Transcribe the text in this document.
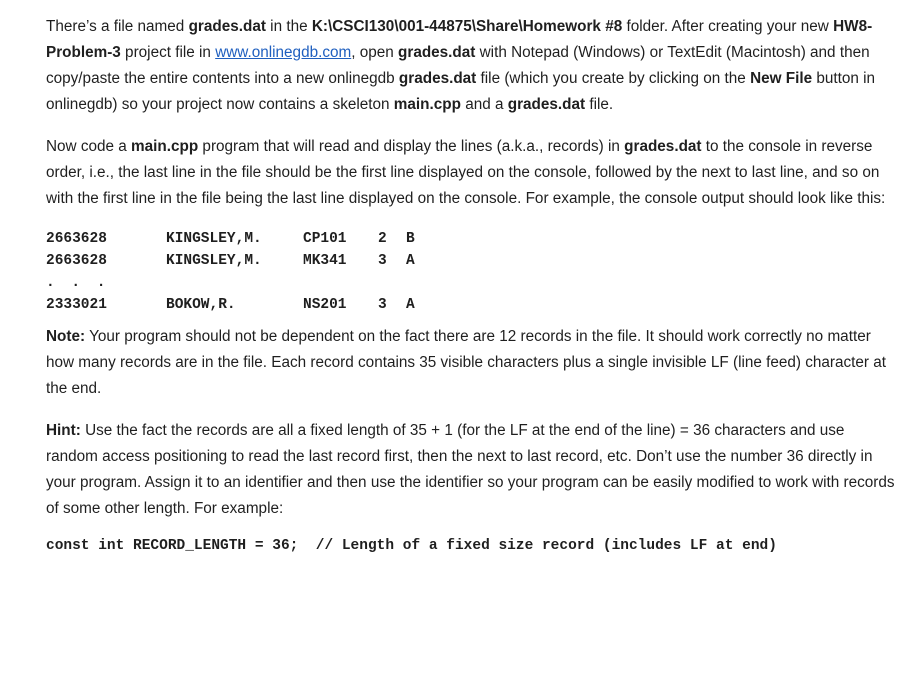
There’s a file named grades.dat in the K:\CSCI130\001-44875\Share\Homework #8 folder. After creating your new HW8-Problem-3 project file in www.onlinegdb.com, open grades.dat with Notepad (Windows) or TextEdit (Macintosh) and then copy/paste the entire contents into a new onlinegdb grades.dat file (which you create by clicking on the New File button in onlinegdb) so your project now contains a skeleton main.cpp and a grades.dat file.

Now code a main.cpp program that will read and display the lines (a.k.a., records) in grades.dat to the console in reverse order, i.e., the last line in the file should be the first line displayed on the console, followed by the next to last line, and so on with the first line in the file being the last line displayed on the console. For example, the console output should look like this:

2663628	KINGSLEY,M.	CP101	2	B
2663628	KINGSLEY,M.	MK341	3	A
. . .				
2333021	BOKOW,R.	NS201	3	A

Note: Your program should not be dependent on the fact there are 12 records in the file. It should work correctly no matter how many records are in the file. Each record contains 35 visible characters plus a single invisible LF (line feed) character at the end.

Hint: Use the fact the records are all a fixed length of 35 + 1 (for the LF at the end of the line) = 36 characters and use random access positioning to read the last record first, then the next to last record, etc. Don’t use the number 36 directly in your program. Assign it to an identifier and then use the identifier so your program can be easily modified to work with records of some other length. For example:

const int RECORD_LENGTH = 36;  // Length of a fixed size record (includes LF at end)
